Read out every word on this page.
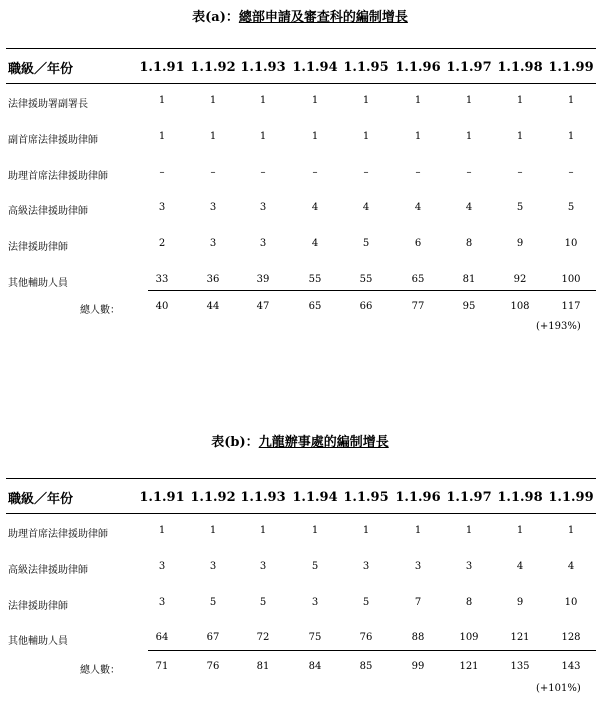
表(a)：總部申請及審查科的編制增長
職級／年份	1.1.91 1.1.92 1.1.93 1.1.94 1.1.95 1.1.96 1.1.97 1.1.98 1.1.99
法律援助署副署長	1	1	1	1	1	1	1	1	1
副首席法律援助律師	1	1	1	1	1	1	1	1	1
助理首席法律援助律師	–	–	–	–	–	–	–	–	–
高級法律援助律師	3	3	3	4	4	4	4	5	5
法律援助律師	2	3	3	4	5	6	8	9	10
其他輔助人員	33	36	39	55	55	65	81	92	100
總人數：	40	44	47	65	66	77	95	108	117
(+193%)
表(b)：九龍辦事處的編制增長
職級／年份	1.1.91 1.1.92 1.1.93 1.1.94 1.1.95 1.1.96 1.1.97 1.1.98 1.1.99
助理首席法律援助律師	1	1	1	1	1	1	1	1	1
高級法律援助律師	3	3	3	5	3	3	3	4	4
法律援助律師	3	5	5	3	5	7	8	9	10
其他輔助人員	64	67	72	75	76	88	109	121	128
總人數：	71	76	81	84	85	99	121	135	143
(+101%)
